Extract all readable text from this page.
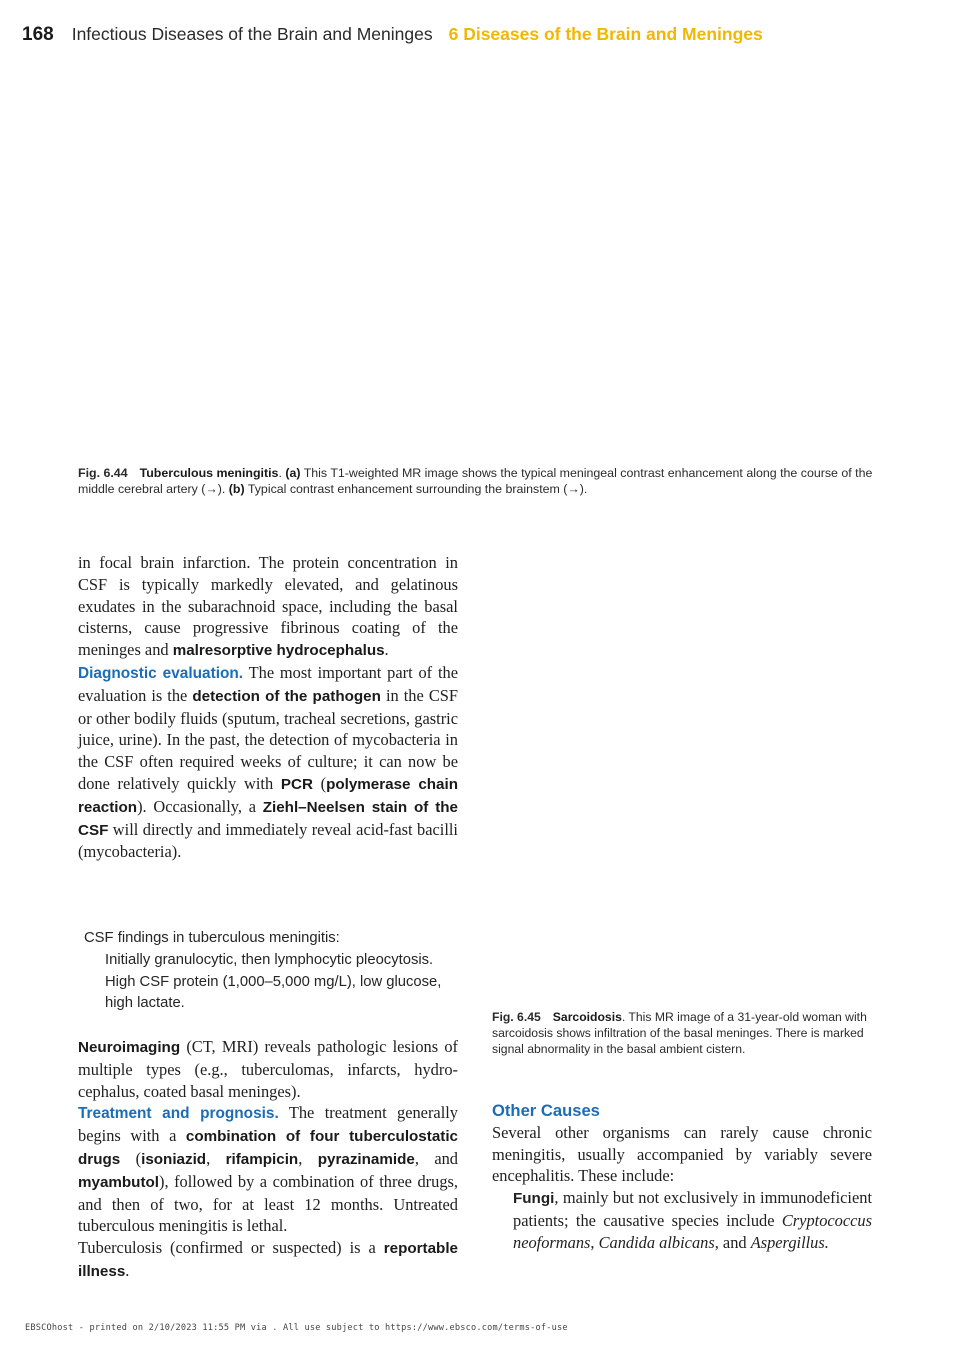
168 Infectious Diseases of the Brain and Meninges 6 Diseases of the Brain and Meninges
Fig. 6.44 Tuberculous meningitis. (a) This T1-weighted MR image shows the typical meningeal contrast enhancement along the course of the middle cerebral artery (→). (b) Typical contrast enhancement surrounding the brainstem (→).

in focal brain infarction. The protein concentration in CSF is typically markedly elevated, and gelatinous exudates in the subarachnoid space, including the basal cisterns, cause progressive fibrinous coating of the meninges and malresorptive hydrocephalus.

Diagnostic evaluation. The most important part of the evaluation is the detection of the pathogen in the CSF or other bodily fluids (sputum, tracheal secretions, gastric juice, urine). In the past, the detection of mycobacteria in the CSF often required weeks of culture; it can now be done relatively quickly with PCR (polymerase chain reaction). Occasionally, a Ziehl–Neelsen stain of the CSF will directly and immediately reveal acid-fast bacilli (mycobacteria).

CSF findings in tuberculous meningitis:

Initially granulocytic, then lymphocytic pleocytosis.

High CSF protein (1,000–5,000 mg/L), low glucose, high lactate.

Neuroimaging (CT, MRI) reveals pathologic lesions of multiple types (e.g., tuberculomas, infarcts, hydrocephalus, coated basal meninges).

Treatment and prognosis. The treatment generally begins with a combination of four tuberculostatic drugs (isoniazid, rifampicin, pyrazinamide, and myambutol), followed by a combination of three drugs, and then of two, for at least 12 months. Untreated tuberculous meningitis is lethal.

Tuberculosis (confirmed or suspected) is a reportable illness.

Fig. 6.45 Sarcoidosis. This MR image of a 31-year-old woman with sarcoidosis shows infiltration of the basal meninges. There is marked signal abnormality in the basal ambient cistern.
Other Causes

Several other organisms can rarely cause chronic meningitis, usually accompanied by variably severe encephalitis. These include:

Fungi, mainly but not exclusively in immunodeficient patients; the causative species include Cryptococcus neoformans, Candida albicans, and Aspergillus.

EBSCOhost - printed on 2/10/2023 11:55 PM via . All use subject to https://www.ebsco.com/terms-of-use
